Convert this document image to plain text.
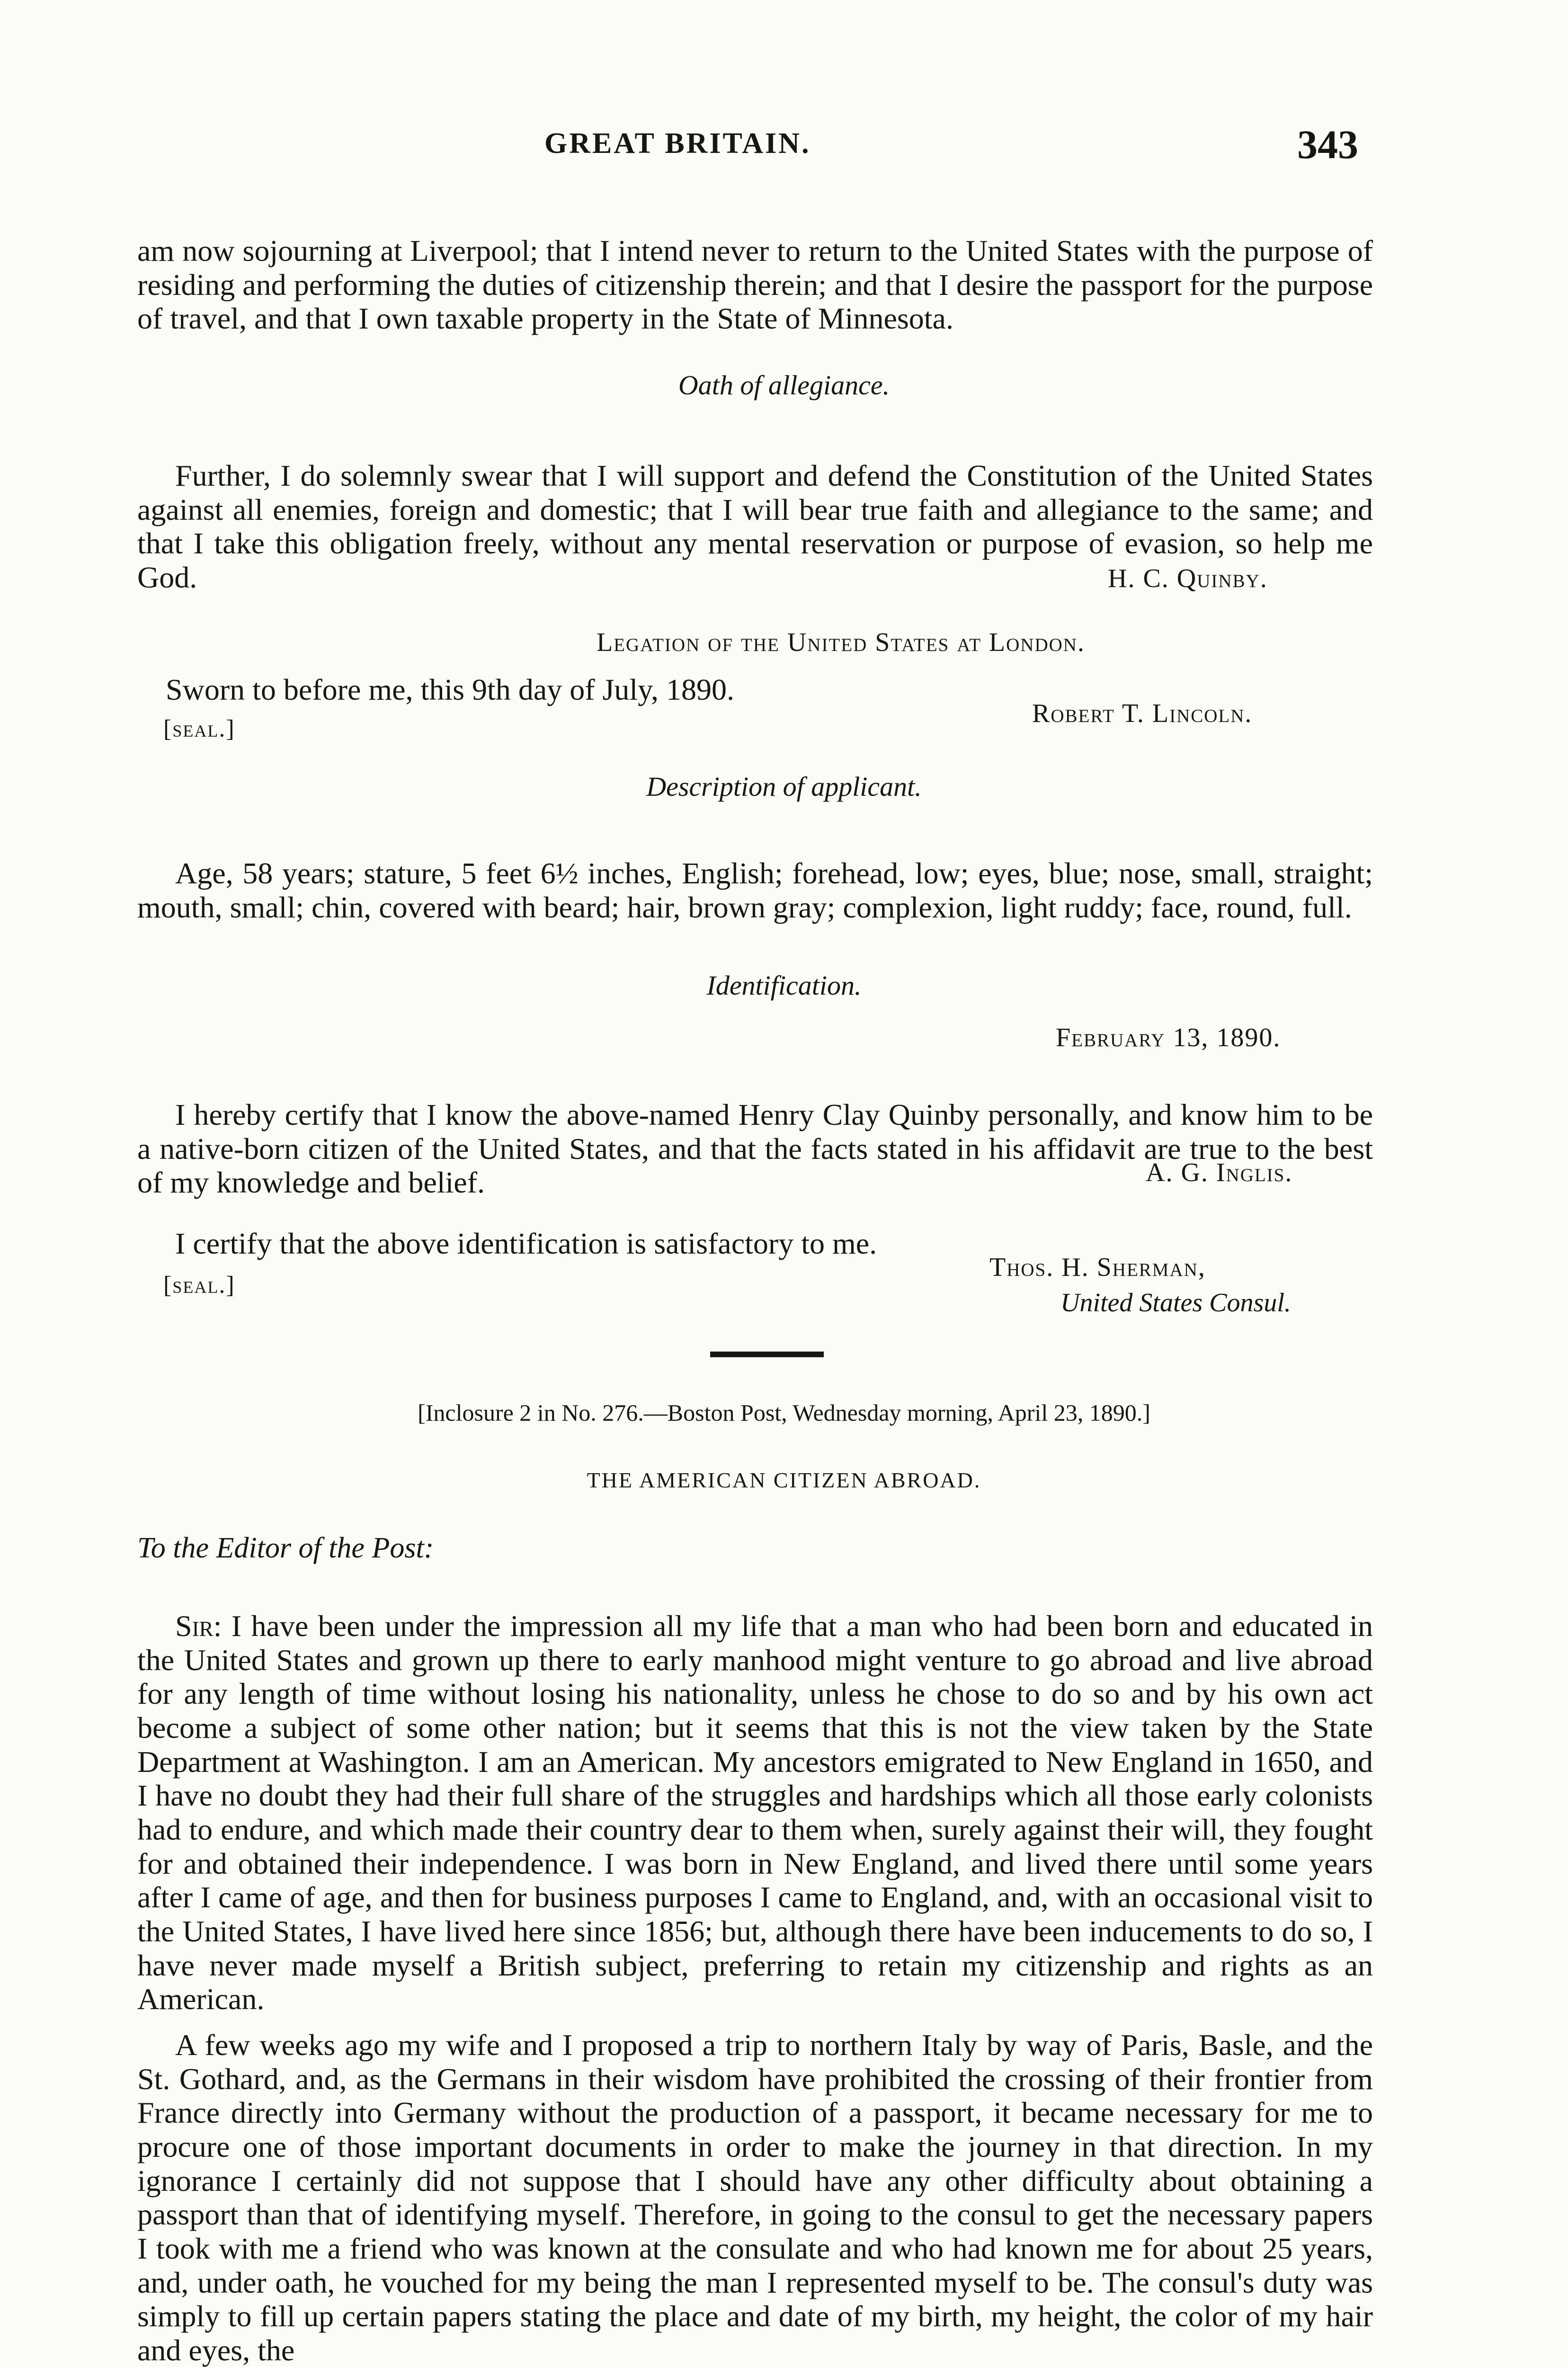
GREAT BRITAIN.	343

am now sojourning at Liverpool; that I intend never to return to the United States with the purpose of residing and performing the duties of citizenship therein; and that I desire the passport for the purpose of travel, and that I own taxable property in the State of Minnesota.

Oath of allegiance.

Further, I do solemnly swear that I will support and defend the Constitution of the United States against all enemies, foreign and domestic; that I will bear true faith and allegiance to the same; and that I take this obligation freely, without any mental reservation or purpose of evasion, so help me God.	H. C. Quinby.
Legation of the United States at London.
Sworn to before me, this 9th day of July, 1890.
[seal.]
Robert T. Lincoln.
Description of applicant.

Age, 58 years; stature, 5 feet 6½ inches, English; forehead, low; eyes, blue; nose, small, straight; mouth, small; chin, covered with beard; hair, brown gray; complexion, light ruddy; face, round, full.

Identification.
February 13, 1890.

I hereby certify that I know the above-named Henry Clay Quinby personally, and know him to be a native-born citizen of the United States, and that the facts stated in his affidavit are true to the best of my knowledge and belief.	A. G. Inglis.
I certify that the above identification is satisfactory to me.
[seal.]
Thos. H. Sherman,
United States Consul.
[Inclosure 2 in No. 276.—Boston Post, Wednesday morning, April 23, 1890.]
THE AMERICAN CITIZEN ABROAD.
To the Editor of the Post:

Sir: I have been under the impression all my life that a man who had been born and educated in the United States and grown up there to early manhood might venture to go abroad and live abroad for any length of time without losing his nationality, unless he chose to do so and by his own act become a subject of some other nation; but it seems that this is not the view taken by the State Department at Washington. I am an American. My ancestors emigrated to New England in 1650, and I have no doubt they had their full share of the struggles and hardships which all those early colonists had to endure, and which made their country dear to them when, surely against their will, they fought for and obtained their independence. I was born in New England, and lived there until some years after I came of age, and then for business purposes I came to England, and, with an occasional visit to the United States, I have lived here since 1856; but, although there have been inducements to do so, I have never made myself a British subject, preferring to retain my citizenship and rights as an American.

A few weeks ago my wife and I proposed a trip to northern Italy by way of Paris, Basle, and the St. Gothard, and, as the Germans in their wisdom have prohibited the crossing of their frontier from France directly into Germany without the production of a passport, it became necessary for me to procure one of those important documents in order to make the journey in that direction. In my ignorance I certainly did not suppose that I should have any other difficulty about obtaining a passport than that of identifying myself. Therefore, in going to the consul to get the necessary papers I took with me a friend who was known at the consulate and who had known me for about 25 years, and, under oath, he vouched for my being the man I represented myself to be. The consul's duty was simply to fill up certain papers stating the place and date of my birth, my height, the color of my hair and eyes, the
